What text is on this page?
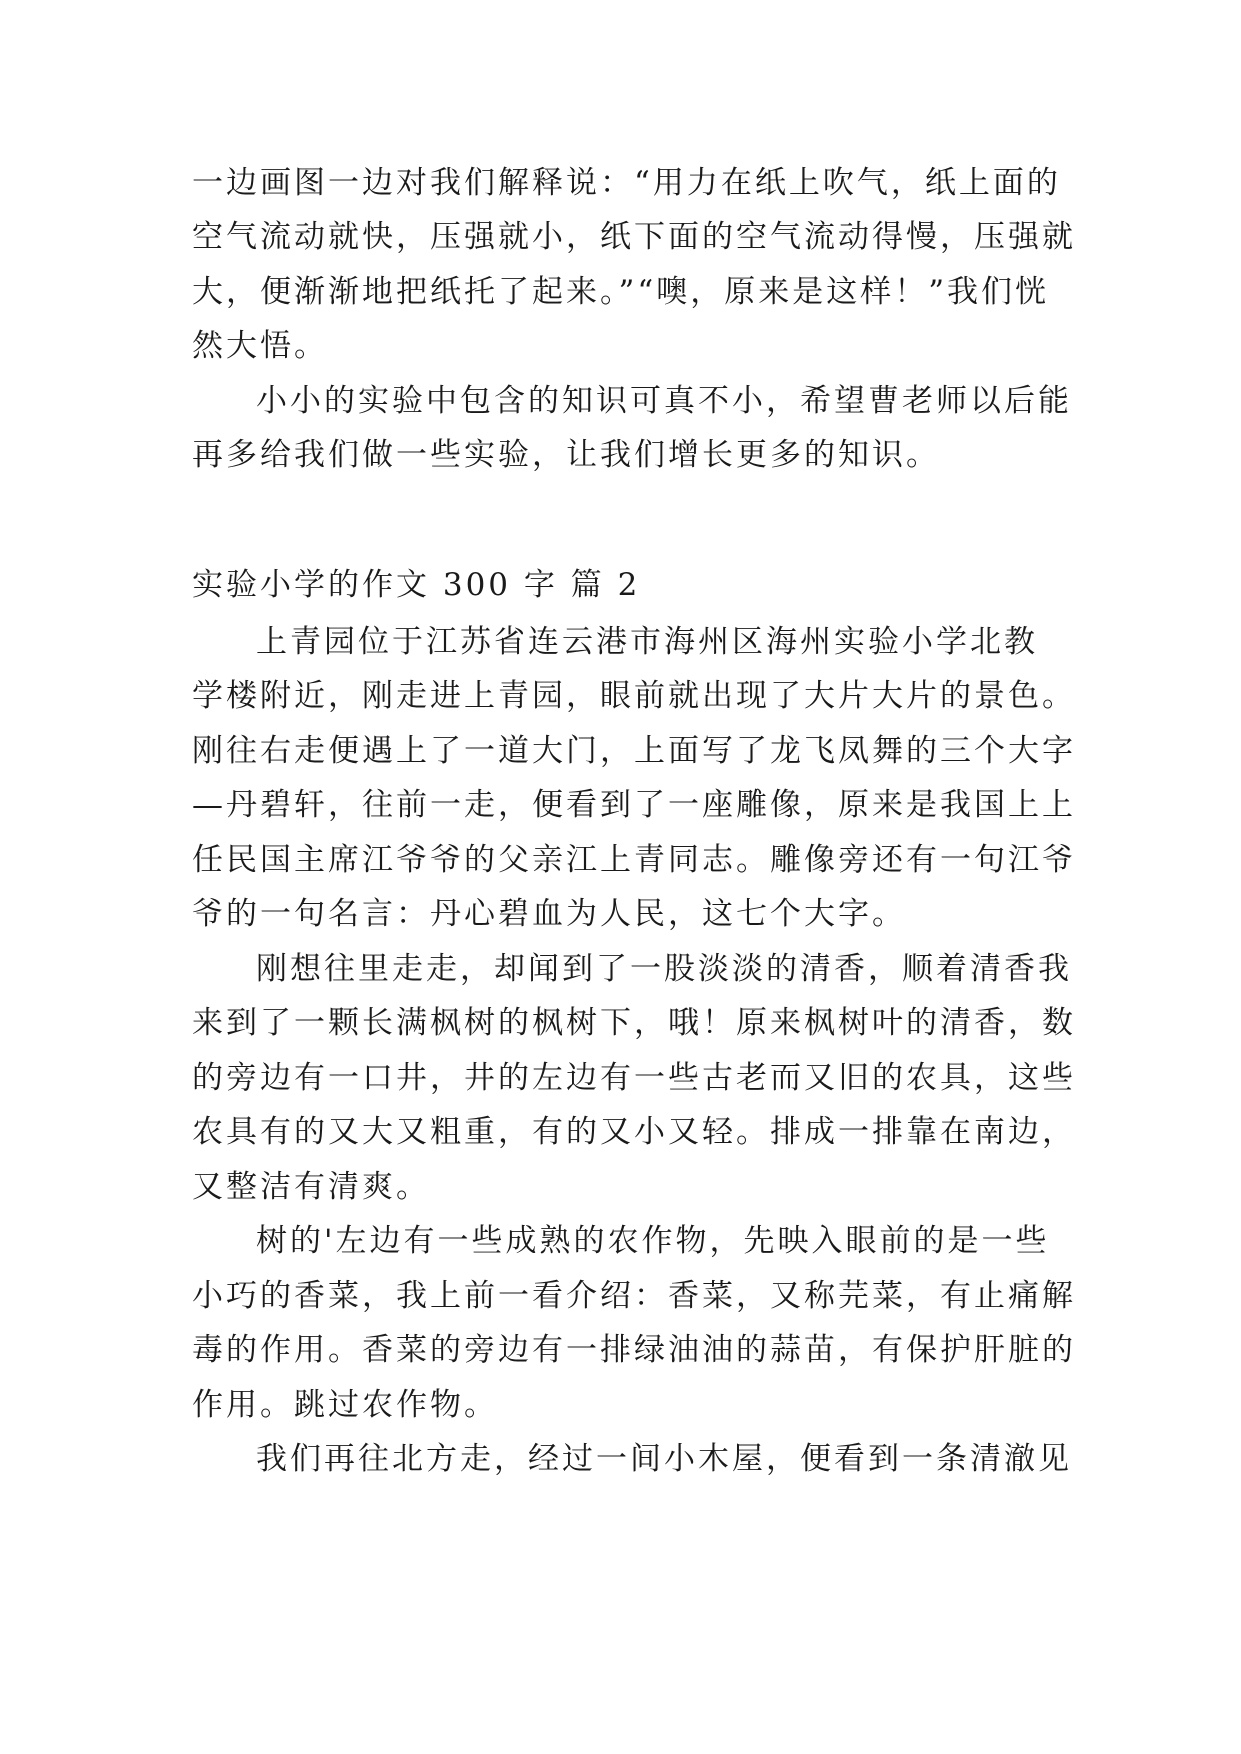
一边画图一边对我们解释说：“用力在纸上吹气，纸上面的
空气流动就快，压强就小，纸下面的空气流动得慢，压强就
大，便渐渐地把纸托了起来。”“噢，原来是这样！”我们恍
然大悟。
小小的实验中包含的知识可真不小，希望曹老师以后能
再多给我们做一些实验，让我们增长更多的知识。
实验小学的作文 300 字 篇 2
上青园位于江苏省连云港市海州区海州实验小学北教
学楼附近，刚走进上青园，眼前就出现了大片大片的景色。
刚往右走便遇上了一道大门，上面写了龙飞凤舞的三个大字
—丹碧轩，往前一走，便看到了一座雕像，原来是我国上上
任民国主席江爷爷的父亲江上青同志。雕像旁还有一句江爷
爷的一句名言：丹心碧血为人民，这七个大字。
刚想往里走走，却闻到了一股淡淡的清香，顺着清香我
来到了一颗长满枫树的枫树下，哦！原来枫树叶的清香，数
的旁边有一口井，井的左边有一些古老而又旧的农具，这些
农具有的又大又粗重，有的又小又轻。排成一排靠在南边，
又整洁有清爽。
树的'左边有一些成熟的农作物，先映入眼前的是一些
小巧的香菜，我上前一看介绍：香菜，又称芫菜，有止痛解
毒的作用。香菜的旁边有一排绿油油的蒜苗，有保护肝脏的
作用。跳过农作物。
我们再往北方走，经过一间小木屋，便看到一条清澈见
